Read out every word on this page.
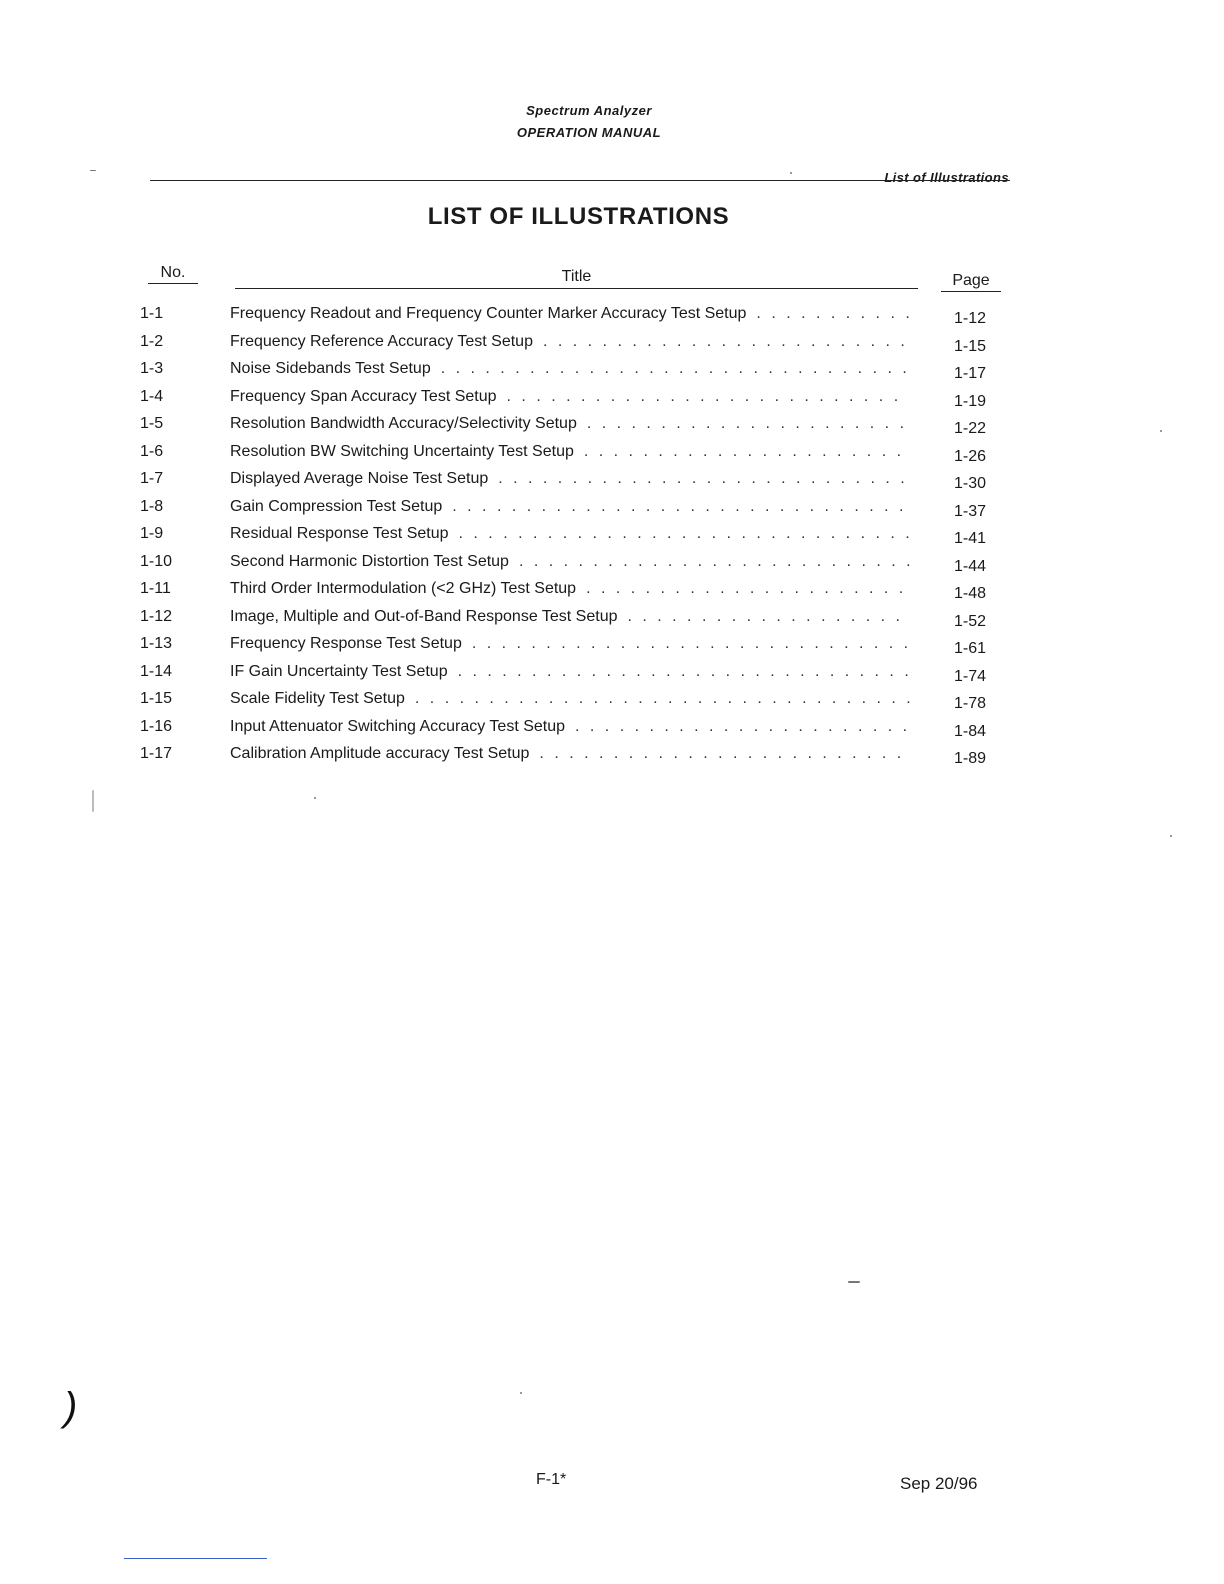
Spectrum Analyzer
OPERATION MANUAL
List of Illustrations
LIST OF ILLUSTRATIONS
No.	Title	Page
1-1	Frequency Readout and Frequency Counter Marker Accuracy Test Setup . . .	1-12
1-2	Frequency Reference Accuracy Test Setup . . .	1-15
1-3	Noise Sidebands Test Setup . . .	1-17
1-4	Frequency Span Accuracy Test Setup . . .	1-19
1-5	Resolution Bandwidth Accuracy/Selectivity Setup . . .	1-22
1-6	Resolution BW Switching Uncertainty Test Setup . . .	1-26
1-7	Displayed Average Noise Test Setup . . .	1-30
1-8	Gain Compression Test Setup . . .	1-37
1-9	Residual Response Test Setup . . .	1-41
1-10	Second Harmonic Distortion Test Setup . . .	1-44
1-11	Third Order Intermodulation (<2 GHz) Test Setup . . .	1-48
1-12	Image, Multiple and Out-of-Band Response Test Setup . . .	1-52
1-13	Frequency Response Test Setup . . .	1-61
1-14	IF Gain Uncertainty Test Setup . . .	1-74
1-15	Scale Fidelity Test Setup . . .	1-78
1-16	Input Attenuator Switching Accuracy Test Setup . . .	1-84
1-17	Calibration Amplitude accuracy Test Setup . . .	1-89
)
F-1*	Sep 20/96
